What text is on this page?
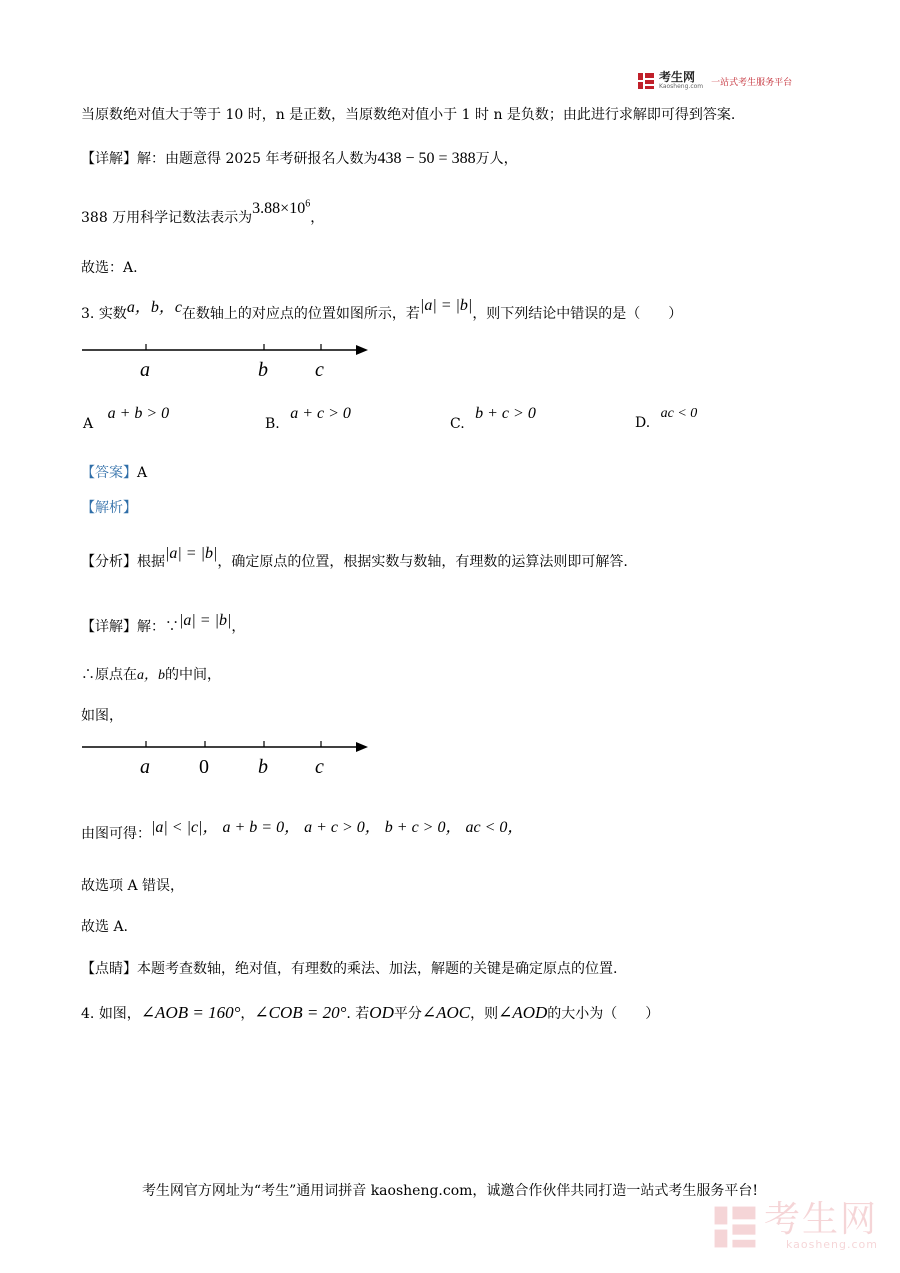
考生网
Kaosheng.com 一站式考生服务平台
当原数绝对值大于等于 10 时，n 是正数，当原数绝对值小于 1 时 n 是负数；由此进行求解即可得到答案.
【详解】解：由题意得 2025 年考研报名人数为438 − 50 = 388万人，
388 万用科学记数法表示为$3.88\times 10^6$，
故选：A.
3. 实数a，b，c在数轴上的对应点的位置如图所示，若|a| = |b|，则下列结论中错误的是（　　）
a	b c
A a + b > 0
B. a + c > 0
C. b + c > 0
D. ac < 0
【答案】A
【解析】
【分析】根据|a| = |b|，确定原点的位置，根据实数与数轴，有理数的运算法则即可解答.
【详解】解：∵|a| = |b|，
∴原点在a，b的中间，
如图，
a 0 b c
由图可得：|a| < |c|， a + b = 0， a + c > 0， b + c > 0， ac < 0，
故选项 A 错误，
故选 A.
【点睛】本题考查数轴，绝对值，有理数的乘法、加法，解题的关键是确定原点的位置.
4. 如图，∠AOB = 160°，∠COB = 20°. 若OD平分∠AOC，则∠AOD的大小为（　　）
考生网官方网址为“考生”通用词拼音 kaosheng.com，诚邀合作伙伴共同打造一站式考生服务平台!
考生网
kaosheng.com
